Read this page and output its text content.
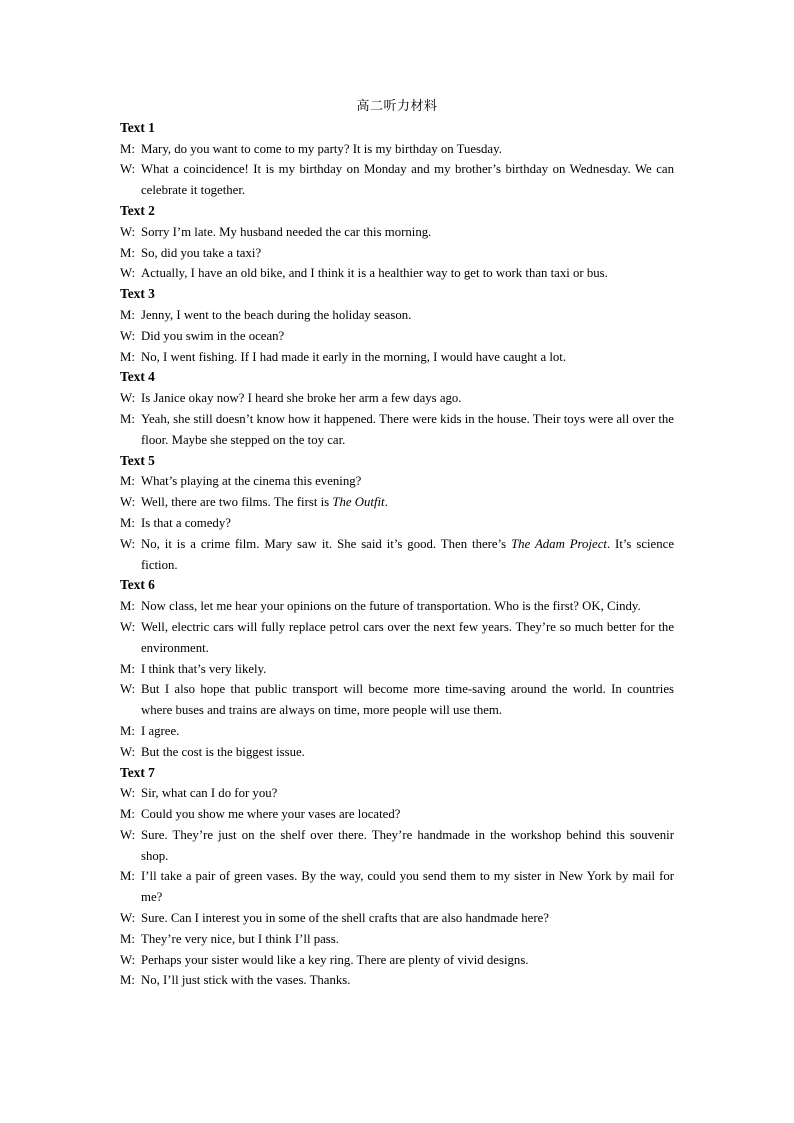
高二听力材料
Text 1
M: Mary, do you want to come to my party? It is my birthday on Tuesday.
W: What a coincidence! It is my birthday on Monday and my brother’s birthday on Wednesday. We can celebrate it together.
Text 2
W: Sorry I’m late. My husband needed the car this morning.
M: So, did you take a taxi?
W: Actually, I have an old bike, and I think it is a healthier way to get to work than taxi or bus.
Text 3
M: Jenny, I went to the beach during the holiday season.
W: Did you swim in the ocean?
M: No, I went fishing. If I had made it early in the morning, I would have caught a lot.
Text 4
W: Is Janice okay now? I heard she broke her arm a few days ago.
M: Yeah, she still doesn’t know how it happened. There were kids in the house. Their toys were all over the floor. Maybe she stepped on the toy car.
Text 5
M: What’s playing at the cinema this evening?
W: Well, there are two films. The first is The Outfit.
M: Is that a comedy?
W: No, it is a crime film. Mary saw it. She said it’s good. Then there’s The Adam Project. It’s science fiction.
Text 6
M: Now class, let me hear your opinions on the future of transportation. Who is the first? OK, Cindy.
W: Well, electric cars will fully replace petrol cars over the next few years. They’re so much better for the environment.
M: I think that’s very likely.
W: But I also hope that public transport will become more time-saving around the world. In countries where buses and trains are always on time, more people will use them.
M: I agree.
W: But the cost is the biggest issue.
Text 7
W: Sir, what can I do for you?
M: Could you show me where your vases are located?
W: Sure. They’re just on the shelf over there. They’re handmade in the workshop behind this souvenir shop.
M: I’ll take a pair of green vases. By the way, could you send them to my sister in New York by mail for me?
W: Sure. Can I interest you in some of the shell crafts that are also handmade here?
M: They’re very nice, but I think I’ll pass.
W: Perhaps your sister would like a key ring. There are plenty of vivid designs.
M: No, I’ll just stick with the vases. Thanks.
